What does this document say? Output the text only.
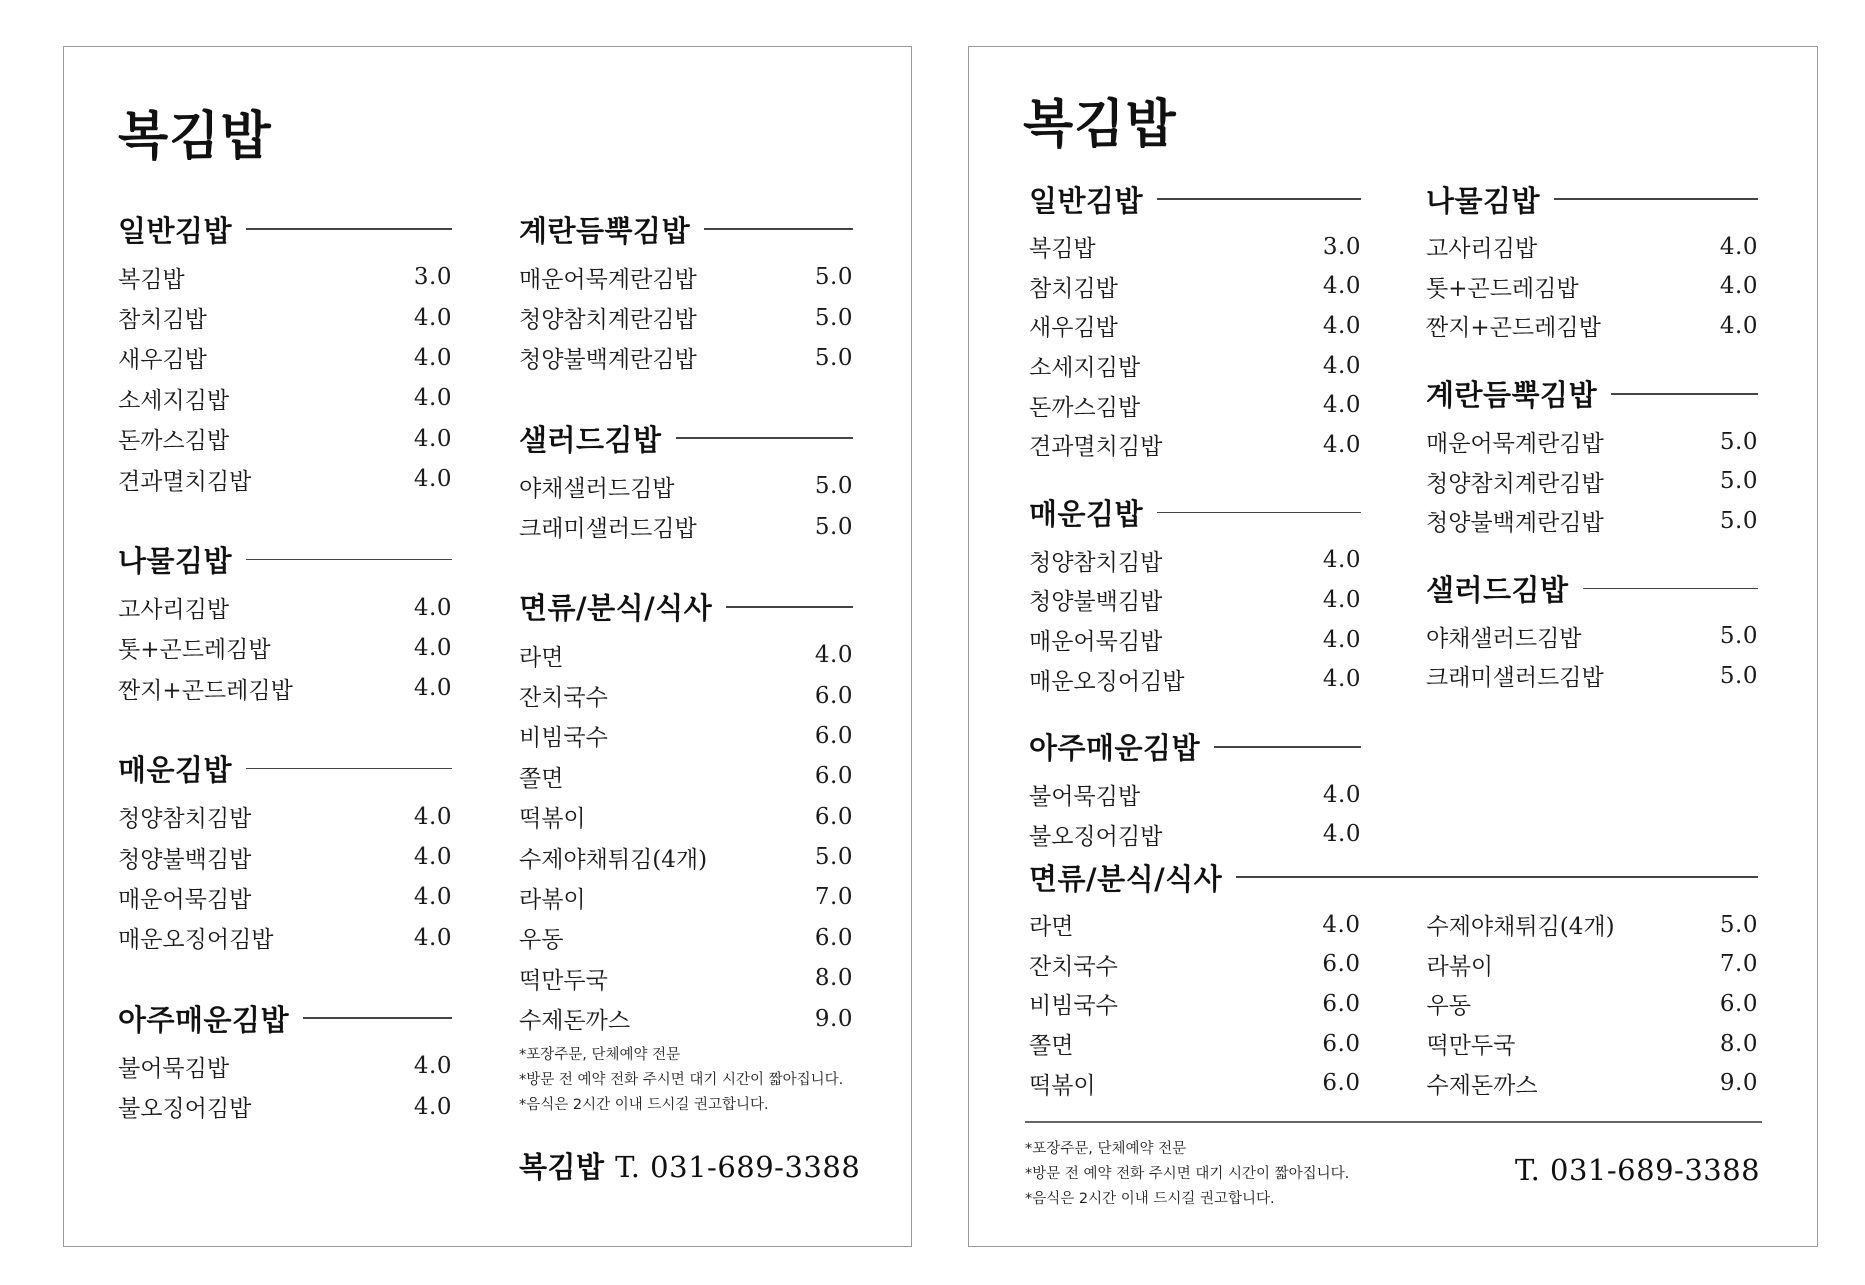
복김밥
일반김밥
복김밥	3.0
참치김밥	4.0
새우김밥	4.0
소세지김밥	4.0
돈까스김밥	4.0
견과멸치김밥	4.0
나물김밥
고사리김밥	4.0
톳+곤드레김밥	4.0
짠지+곤드레김밥	4.0
매운김밥
청양참치김밥	4.0
청양불백김밥	4.0
매운어묵김밥	4.0
매운오징어김밥	4.0
아주매운김밥
불어묵김밥	4.0
불오징어김밥	4.0
계란듬뿍김밥
매운어묵계란김밥	5.0
청양참치계란김밥	5.0
청양불백계란김밥	5.0
샐러드김밥
야채샐러드김밥	5.0
크래미샐러드김밥	5.0
면류/분식/식사
라면	4.0
잔치국수	6.0
비빔국수	6.0
쫄면	6.0
떡볶이	6.0
수제야채튀김(4개)	5.0
라볶이	7.0
우동	6.0
떡만두국	8.0
수제돈까스	9.0
*포장주문, 단체예약 전문
*방문 전 예약 전화 주시면 대기 시간이 짧아집니다.
*음식은 2시간 이내 드시길 권고합니다.
복김밥 T. 031-689-3388
복김밥
일반김밥
복김밥	3.0
참치김밥	4.0
새우김밥	4.0
소세지김밥	4.0
돈까스김밥	4.0
견과멸치김밥	4.0
매운김밥
청양참치김밥	4.0
청양불백김밥	4.0
매운어묵김밥	4.0
매운오징어김밥	4.0
아주매운김밥
불어묵김밥	4.0
불오징어김밥	4.0
나물김밥
고사리김밥	4.0
톳+곤드레김밥	4.0
짠지+곤드레김밥	4.0
계란듬뿍김밥
매운어묵계란김밥	5.0
청양참치계란김밥	5.0
청양불백계란김밥	5.0
샐러드김밥
야채샐러드김밥	5.0
크래미샐러드김밥	5.0
면류/분식/식사
라면	4.0	수제야채튀김(4개)	5.0
잔치국수	6.0	라볶이	7.0
비빔국수	6.0	우동	6.0
쫄면	6.0	떡만두국	8.0
떡볶이	6.0	수제돈까스	9.0
*포장주문, 단체예약 전문
*방문 전 예약 전화 주시면 대기 시간이 짧아집니다.
*음식은 2시간 이내 드시길 권고합니다.
T. 031-689-3388
